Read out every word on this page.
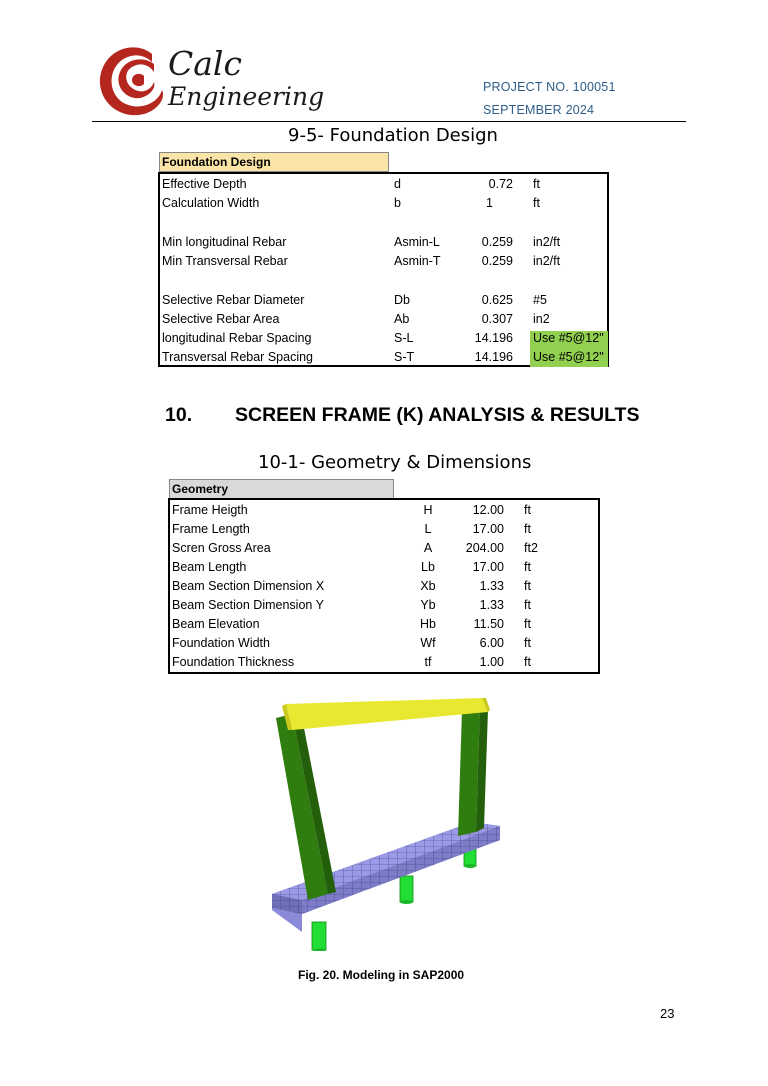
Calc
Engineering	PROJECT NO. 100051
SEPTEMBER 2024
9-5- Foundation Design
Foundation Design
Effective Depth	d	0.72 ft
Calculation Width	b	1	ft
Min longitudinal Rebar	Asmin-L	0.259 in2/ft
Min Transversal Rebar	Asmin-T	0.259 in2/ft
Selective Rebar Diameter	Db	0.625 #5
Selective Rebar Area	Ab	0.307 in2
longitudinal Rebar Spacing	S-L	14.196 Use #5@12"
Transversal Rebar Spacing	S-T	14.196 Use #5@12"
10. SCREEN FRAME (K) ANALYSIS & RESULTS
10-1- Geometry & Dimensions
Geometry
Frame Heigth	H	12.00 ft
Frame Length	L	17.00 ft
Scren Gross Area	A	204.00 ft2
Beam Length	Lb	17.00 ft
Beam Section Dimension X	Xb	1.33 ft
Beam Section Dimension Y	Yb	1.33 ft
Beam Elevation	Hb	11.50 ft
Foundation Width	Wf	6.00 ft
Foundation Thickness	tf	1.00 ft
Fig. 20. Modeling in SAP2000
23
